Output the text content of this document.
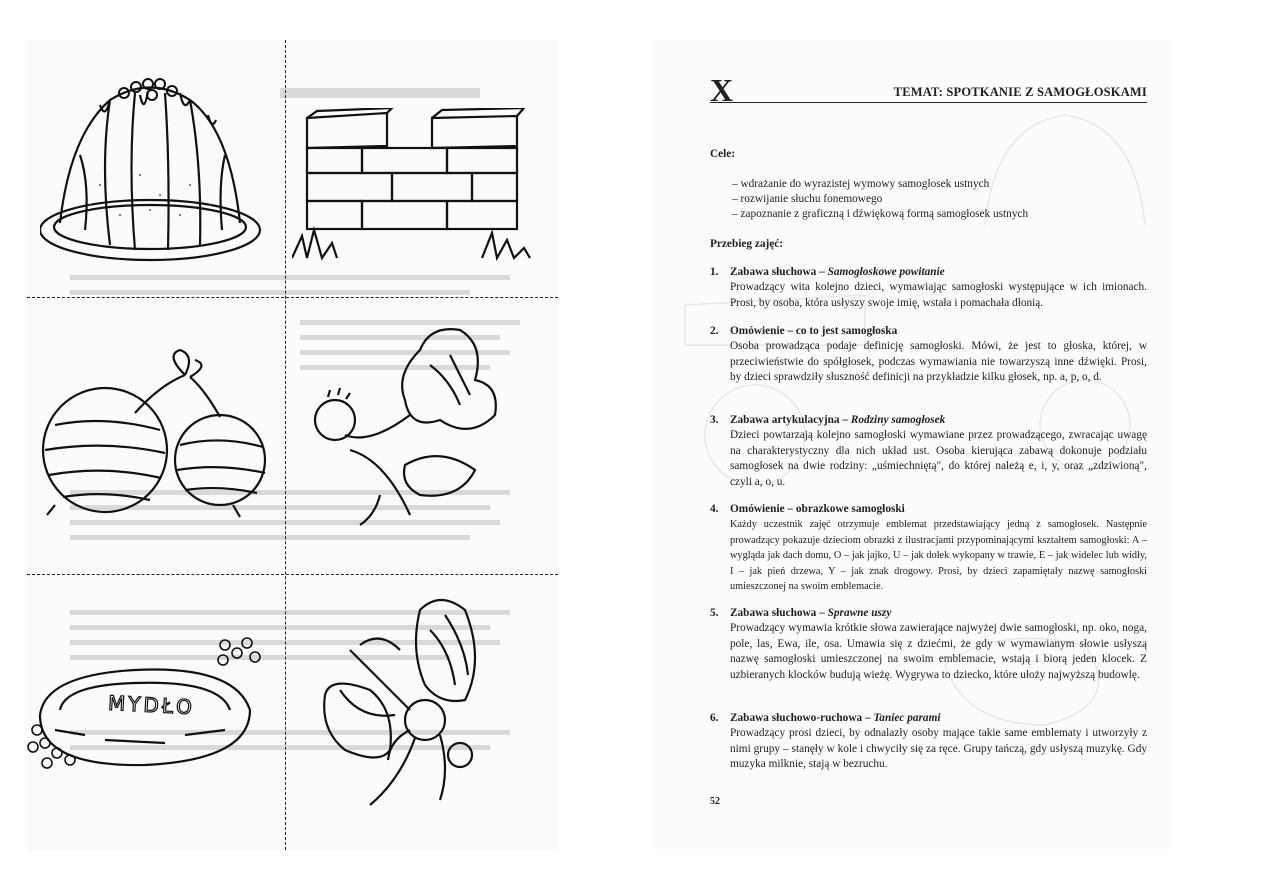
MYDŁO
X	TEMAT: SPOTKANIE Z SAMOGŁOSKAMI
Cele:
– wdrażanie do wyrazistej wymowy samogłosek ustnych
– rozwijanie słuchu fonemowego
– zapoznanie z graficzną i dźwiękową formą samogłosek ustnych
Przebieg zajęć:
1. Zabawa słuchowa – Samogłoskowe powitanie
Prowadzący wita kolejno dzieci, wymawiając samogłoski występujące w ich imionach. Prosi, by osoba, która usłyszy swoje imię, wstała i pomachała dłonią.
2. Omówienie – co to jest samogłoska
Osoba prowadząca podaje definicję samogłoski. Mówi, że jest to głoska, której, w przeciwieństwie do spółgłosek, podczas wymawiania nie towarzyszą inne dźwięki. Prosi, by dzieci sprawdziły słuszność definicji na przykładzie kilku głosek, np. a, p, o, d.
3. Zabawa artykulacyjna – Rodziny samogłosek
Dzieci powtarzają kolejno samogłoski wymawiane przez prowadzącego, zwracając uwagę na charakterystyczny dla nich układ ust. Osoba kierująca zabawą dokonuje podziału samogłosek na dwie rodziny: „uśmiechniętą", do której należą e, i, y, oraz „zdziwioną", czyli a, o, u.
4. Omówienie – obrazkowe samogłoski
Każdy uczestnik zajęć otrzymuje emblemat przedstawiający jedną z samogłosek. Następnie prowadzący pokazuje dzieciom obrazki z ilustracjami przypominającymi kształtem samogłoski: A – wygląda jak dach domu, O – jak jajko, U – jak dołek wykopany w trawie, E – jak widelec lub widły, I – jak pień drzewa, Y – jak znak drogowy. Prosi, by dzieci zapamiętały nazwę samogłoski umieszczonej na swoim emblemacie.
5. Zabawa słuchowa – Sprawne uszy
Prowadzący wymawia krótkie słowa zawierające najwyżej dwie samogłoski, np. oko, noga, pole, las, Ewa, ile, osa. Umawia się z dziećmi, że gdy w wymawianym słowie usłyszą nazwę samogłoski umieszczonej na swoim emblemacie, wstają i biorą jeden klocek. Z uzbieranych klocków budują wieżę. Wygrywa to dziecko, które ułoży najwyższą budowlę.
6. Zabawa słuchowo-ruchowa – Taniec parami
Prowadzący prosi dzieci, by odnalazły osoby mające takie same emblematy i utworzyły z nimi grupy – stanęły w kole i chwyciły się za ręce. Grupy tańczą, gdy usłyszą muzykę. Gdy muzyka milknie, stają w bezruchu.
52
